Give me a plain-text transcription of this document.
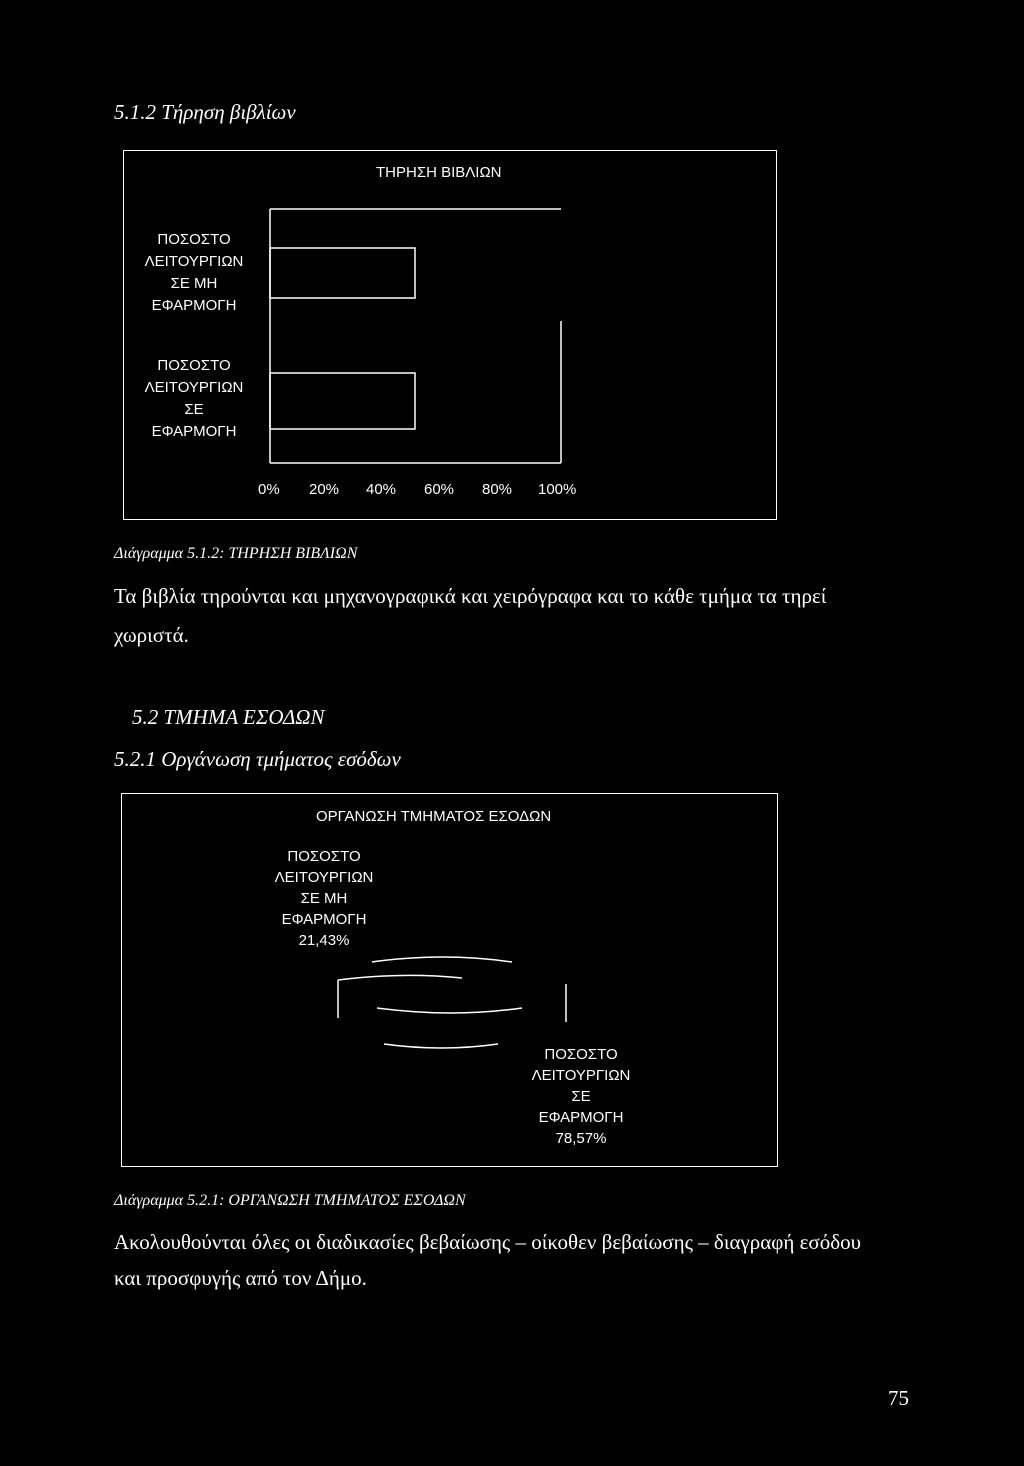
5.1.2 Τήρηση βιβλίων
ΤΗΡΗΣΗ ΒΙΒΛΙΩΝ
ΠΟΣΟΣΤΟ
ΛΕΙΤΟΥΡΓΙΩΝ
ΣΕ ΜΗ
ΕΦΑΡΜΟΓΗ
ΠΟΣΟΣΤΟ
ΛΕΙΤΟΥΡΓΙΩΝ
ΣΕ
ΕΦΑΡΜΟΓΗ
0% 20% 40% 60% 80% 100%
Διάγραμμα 5.1.2: ΤΗΡΗΣΗ ΒΙΒΛΙΩΝ
Τα βιβλία τηρούνται και μηχανογραφικά και χειρόγραφα και το κάθε τμήμα τα τηρεί
χωριστά.
5.2 ΤΜΗΜΑ ΕΣΟΔΩΝ
5.2.1 Οργάνωση τμήματος εσόδων
ΟΡΓΑΝΩΣΗ ΤΜΗΜΑΤΟΣ ΕΣΟΔΩΝ
ΠΟΣΟΣΤΟ
ΛΕΙΤΟΥΡΓΙΩΝ
ΣΕ ΜΗ
ΕΦΑΡΜΟΓΗ
21,43%
ΠΟΣΟΣΤΟ
ΛΕΙΤΟΥΡΓΙΩΝ
ΣΕ
ΕΦΑΡΜΟΓΗ
78,57%
Διάγραμμα 5.2.1: ΟΡΓΑΝΩΣΗ ΤΜΗΜΑΤΟΣ ΕΣΟΔΩΝ
Ακολουθούνται όλες οι διαδικασίες βεβαίωσης – οίκοθεν βεβαίωσης – διαγραφή εσόδου
και προσφυγής από τον Δήμο.
75
